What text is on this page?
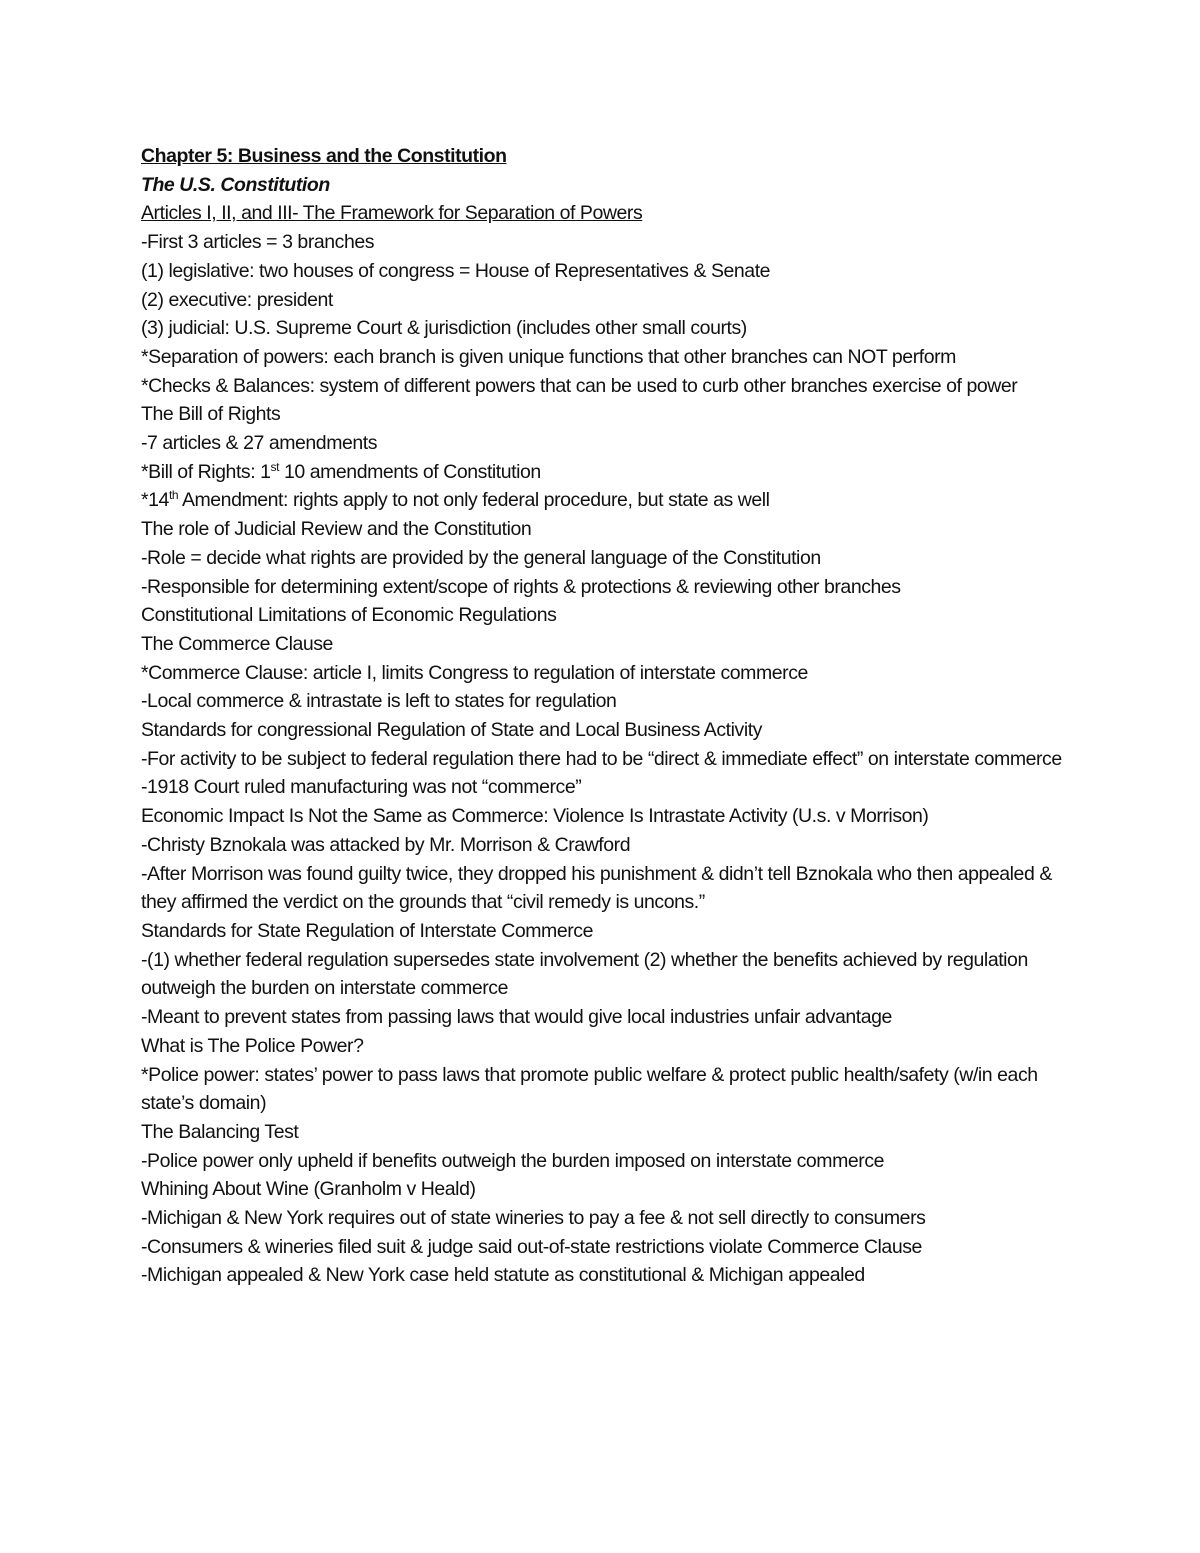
Chapter 5: Business and the Constitution

The U.S. Constitution

Articles I, II, and III- The Framework for Separation of Powers

-First 3 articles = 3 branches

(1) legislative: two houses of congress = House of Representatives & Senate

(2) executive: president

(3) judicial: U.S. Supreme Court & jurisdiction (includes other small courts)

*Separation of powers: each branch is given unique functions that other branches can NOT perform

*Checks & Balances: system of different powers that can be used to curb other branches exercise of power

The Bill of Rights

-7 articles & 27 amendments

*Bill of Rights: 1st 10 amendments of Constitution

*14th Amendment: rights apply to not only federal procedure, but state as well

The role of Judicial Review and the Constitution

-Role = decide what rights are provided by the general language of the Constitution

-Responsible for determining extent/scope of rights & protections & reviewing other branches

Constitutional Limitations of Economic Regulations

The Commerce Clause

*Commerce Clause: article I, limits Congress to regulation of interstate commerce

-Local commerce & intrastate is left to states for regulation

Standards for congressional Regulation of State and Local Business Activity

-For activity to be subject to federal regulation there had to be “direct & immediate effect” on interstate commerce

-1918 Court ruled manufacturing was not “commerce”

Economic Impact Is Not the Same as Commerce: Violence Is Intrastate Activity (U.s. v Morrison)

-Christy Bznokala was attacked by Mr. Morrison & Crawford

-After Morrison was found guilty twice, they dropped his punishment & didn’t tell Bznokala who then appealed & they affirmed the verdict on the grounds that “civil remedy is uncons.”

Standards for State Regulation of Interstate Commerce

-(1) whether federal regulation supersedes state involvement (2) whether the benefits achieved by regulation outweigh the burden on interstate commerce

-Meant to prevent states from passing laws that would give local industries unfair advantage

What is The Police Power?

*Police power: states’ power to pass laws that promote public welfare & protect public health/safety (w/in each state’s domain)

The Balancing Test

-Police power only upheld if benefits outweigh the burden imposed on interstate commerce

Whining About Wine (Granholm v Heald)

-Michigan & New York requires out of state wineries to pay a fee & not sell directly to consumers

-Consumers & wineries filed suit & judge said out-of-state restrictions violate Commerce Clause

-Michigan appealed & New York case held statute as constitutional & Michigan appealed
